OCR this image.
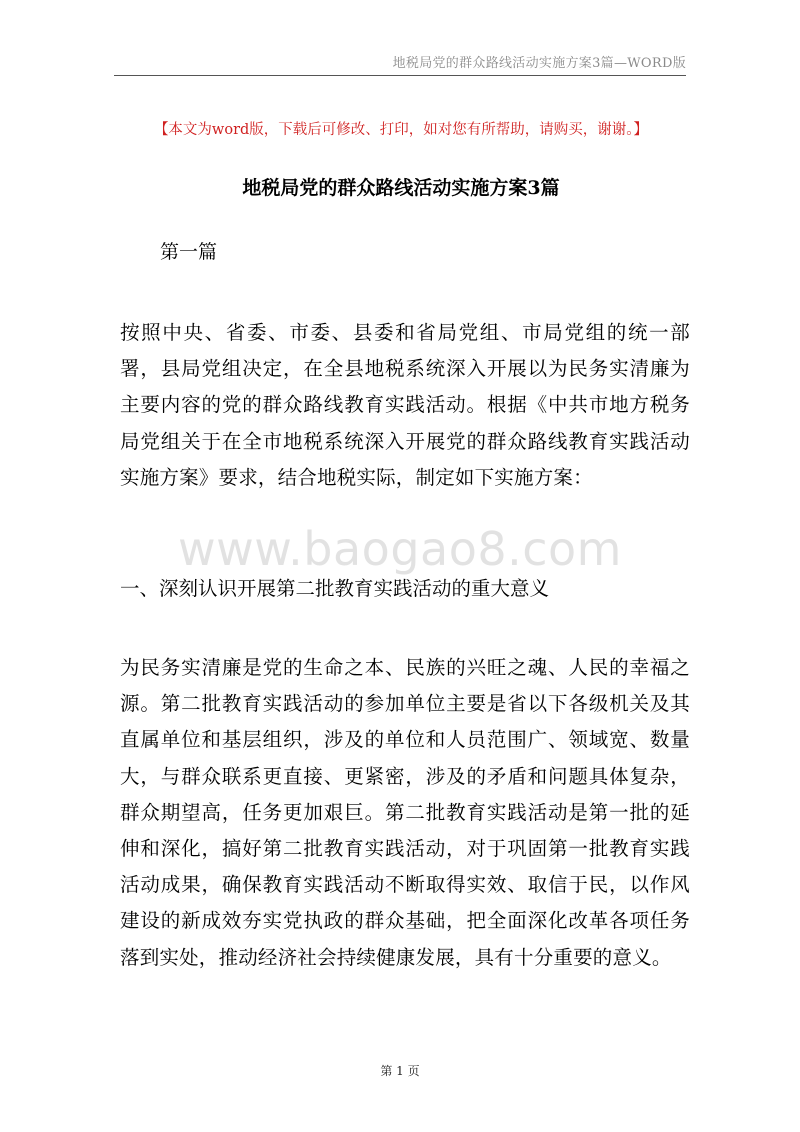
地税局党的群众路线活动实施方案3篇—WORD版
【本文为word版，下载后可修改、打印，如对您有所帮助，请购买，谢谢。】
地税局党的群众路线活动实施方案3篇
第一篇

按照中央、省委、市委、县委和省局党组、市局党组的统一部署，县局党组决定，在全县地税系统深入开展以为民务实清廉为主要内容的党的群众路线教育实践活动。根据《中共市地方税务局党组关于在全市地税系统深入开展党的群众路线教育实践活动实施方案》要求，结合地税实际，制定如下实施方案：

www.baogao8.com
一、深刻认识开展第二批教育实践活动的重大意义

为民务实清廉是党的生命之本、民族的兴旺之魂、人民的幸福之源。第二批教育实践活动的参加单位主要是省以下各级机关及其直属单位和基层组织，涉及的单位和人员范围广、领域宽、数量大，与群众联系更直接、更紧密，涉及的矛盾和问题具体复杂，群众期望高，任务更加艰巨。第二批教育实践活动是第一批的延伸和深化，搞好第二批教育实践活动，对于巩固第一批教育实践活动成果，确保教育实践活动不断取得实效、取信于民，以作风建设的新成效夯实党执政的群众基础，把全面深化改革各项任务落到实处，推动经济社会持续健康发展，具有十分重要的意义。

第 1 页
